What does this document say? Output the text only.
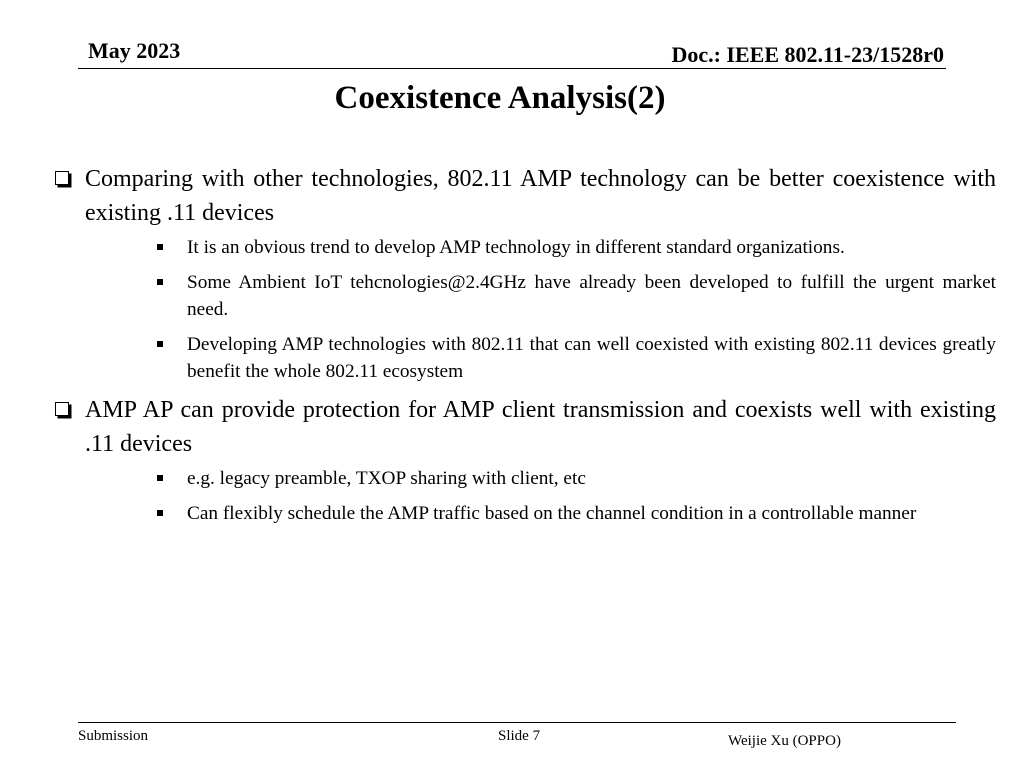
May 2023	Doc.: IEEE 802.11-23/1528r0
Coexistence Analysis(2)
Comparing with other technologies, 802.11 AMP technology can be better coexistence with existing .11 devices
It is an obvious trend to develop AMP technology in different standard organizations.
Some Ambient IoT tehcnologies@2.4GHz have already been developed to fulfill the urgent market need.
Developing AMP technologies with 802.11 that can well coexisted with existing 802.11 devices greatly benefit the whole 802.11 ecosystem
AMP AP can provide protection for AMP client transmission and coexists well with existing .11 devices
e.g. legacy preamble, TXOP sharing with client, etc
Can flexibly schedule the AMP traffic based on the channel condition in a controllable manner
Submission	Slide 7	Weijie Xu (OPPO)
